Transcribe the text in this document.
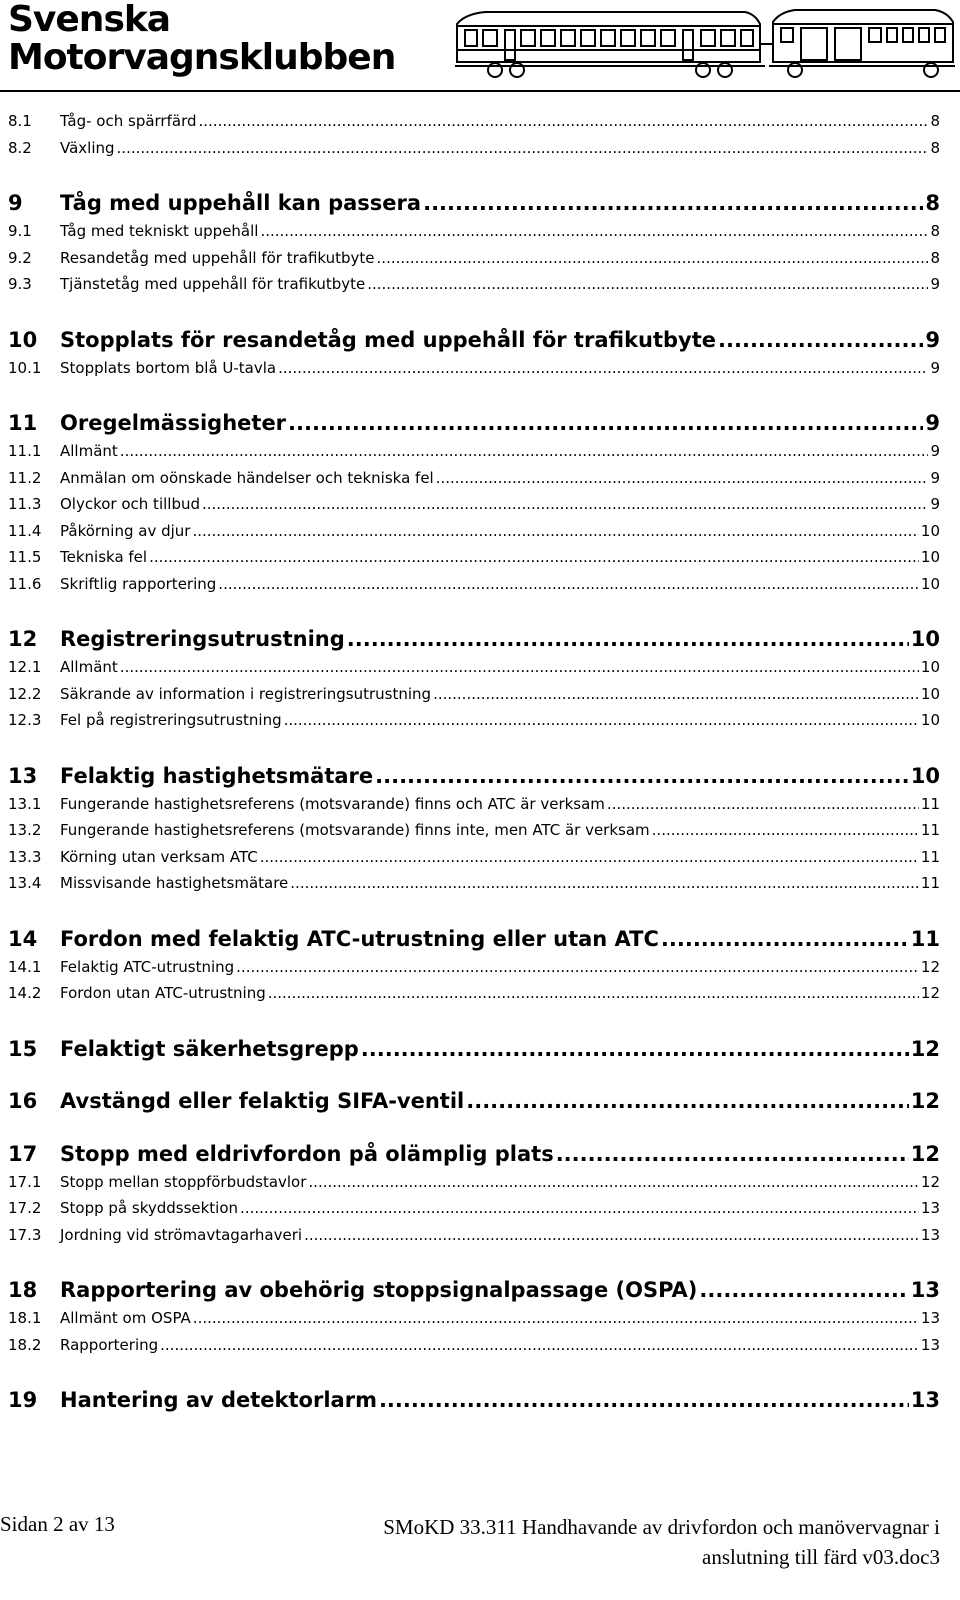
Svenska
Motorvagnsklubben
8.1	Tåg- och spärrfärd .....	8
8.2	Växling .....	8
9	Tåg med uppehåll kan passera .....	8
9.1	Tåg med tekniskt uppehåll .....	8
9.2	Resandetåg med uppehåll för trafikutbyte .....	8
9.3	Tjänstetåg med uppehåll för trafikutbyte .....	9
10	Stopplats för resandetåg med uppehåll för trafikutbyte .....	9
10.1	Stopplats bortom blå U-tavla .....	9
11	Oregelmässigheter .....	9
11.1	Allmänt .....	9
11.2	Anmälan om oönskade händelser och tekniska fel .....	9
11.3	Olyckor och tillbud .....	9
11.4	Påkörning av djur .....	10
11.5	Tekniska fel .....	10
11.6	Skriftlig rapportering .....	10
12	Registreringsutrustning .....	10
12.1	Allmänt .....	10
12.2	Säkrande av information i registreringsutrustning .....	10
12.3	Fel på registreringsutrustning .....	10
13	Felaktig hastighetsmätare .....	10
13.1	Fungerande hastighetsreferens (motsvarande) finns och ATC är verksam .....	11
13.2	Fungerande hastighetsreferens (motsvarande) finns inte, men ATC är verksam .....	11
13.3	Körning utan verksam ATC .....	11
13.4	Missvisande hastighetsmätare .....	11
14	Fordon med felaktig ATC-utrustning eller utan ATC .....	11
14.1	Felaktig ATC-utrustning .....	12
14.2	Fordon utan ATC-utrustning .....	12
15	Felaktigt säkerhetsgrepp .....	12
16	Avstängd eller felaktig SIFA-ventil .....	12
17	Stopp med eldrivfordon på olämplig plats .....	12
17.1	Stopp mellan stoppförbudstavlor .....	12
17.2	Stopp på skyddssektion .....	13
17.3	Jordning vid strömavtagarhaveri .....	13
18	Rapportering av obehörig stoppsignalpassage (OSPA) .....	13
18.1	Allmänt om OSPA .....	13
18.2	Rapportering .....	13
19	Hantering av detektorlarm .....	13
Sidan 2 av 13	SMoKD 33.311 Handhavande av drivfordon och manövervagnar i
anslutning till färd v03.doc3
